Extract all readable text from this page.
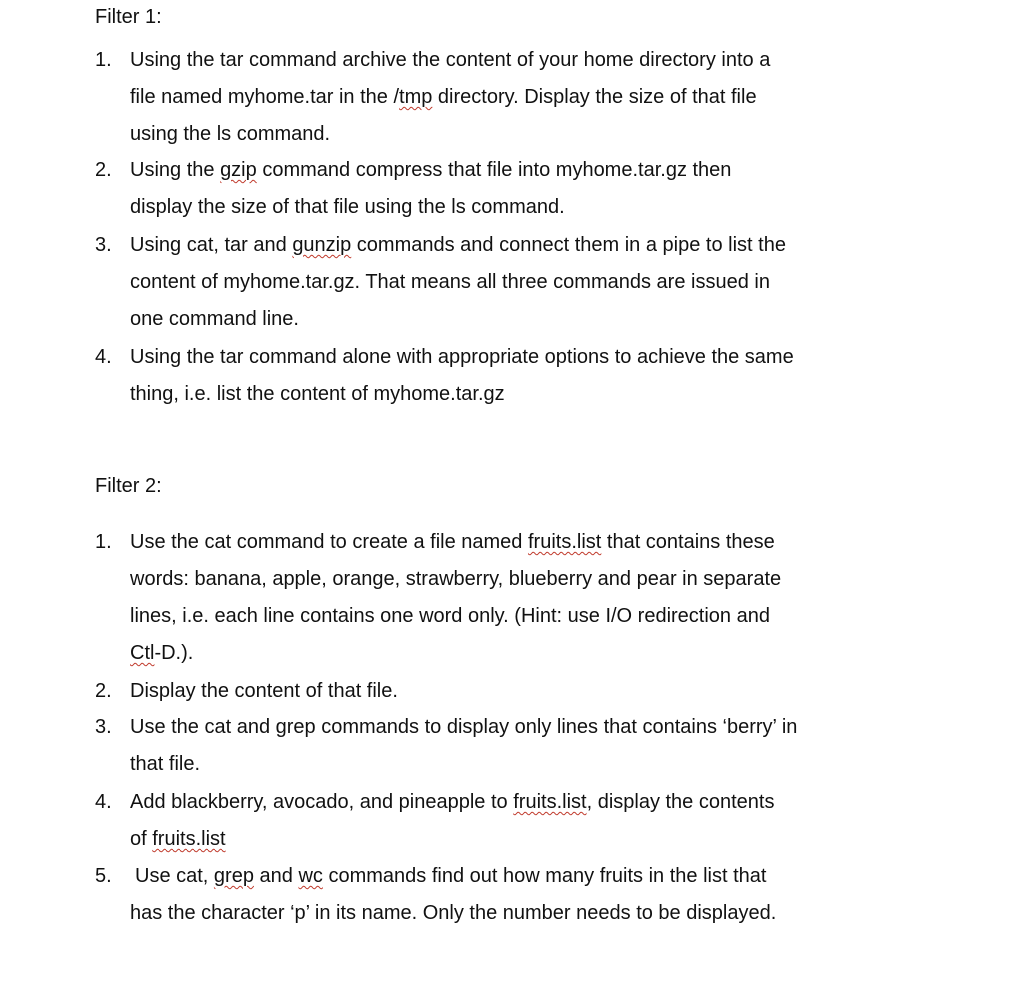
Filter 1:
1. Using the tar command archive the content of your home directory into a
file named myhome.tar in the /tmp directory. Display the size of that file
using the ls command.
2. Using the gzip command compress that file into myhome.tar.gz then
display the size of that file using the ls command.
3. Using cat, tar and gunzip commands and connect them in a pipe to list the
content of myhome.tar.gz. That means all three commands are issued in
one command line.
4. Using the tar command alone with appropriate options to achieve the same
thing, i.e. list the content of myhome.tar.gz
Filter 2:
1. Use the cat command to create a file named fruits.list that contains these
words: banana, apple, orange, strawberry, blueberry and pear in separate
lines, i.e. each line contains one word only. (Hint: use I/O redirection and
Ctl-D.).
2. Display the content of that file.
3. Use the cat and grep commands to display only lines that contains ‘berry’ in
that file.
4. Add blackberry, avocado, and pineapple to fruits.list, display the contents
of fruits.list
5.	Use cat, grep and wc commands find out how many fruits in the list that
has the character ‘p’ in its name. Only the number needs to be displayed.
